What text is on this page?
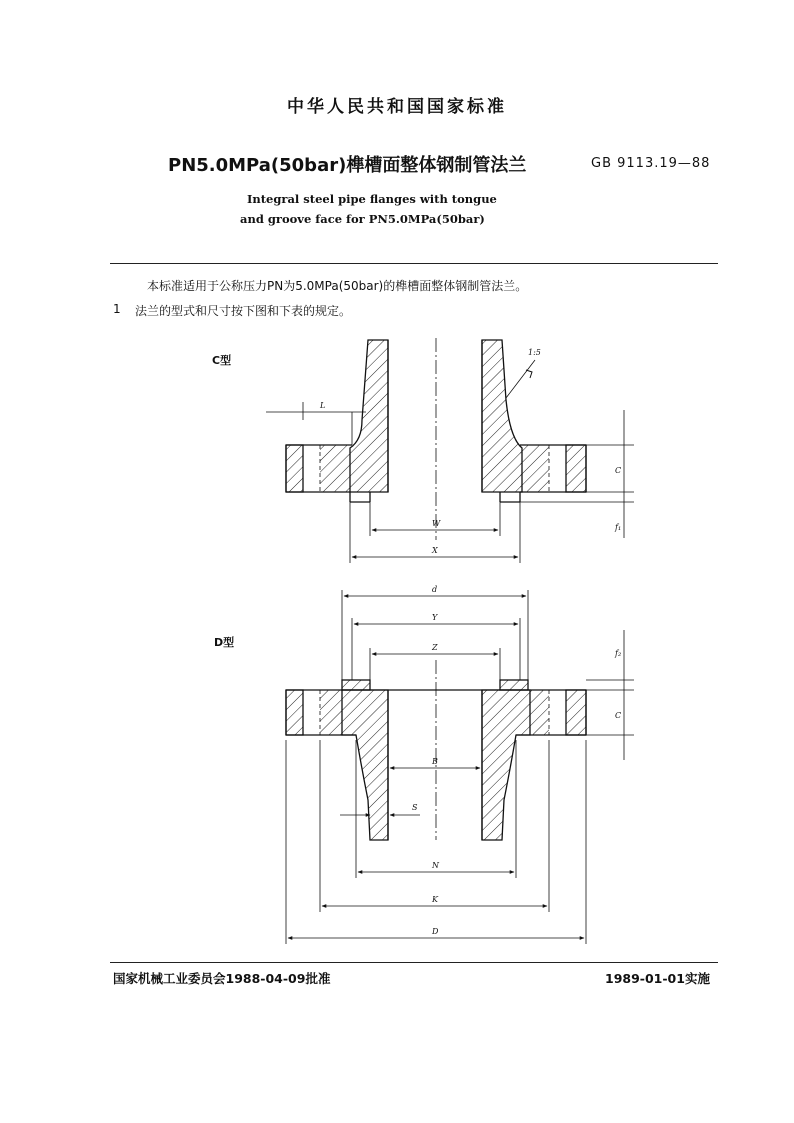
中华人民共和国国家标准
PN5.0MPa(50bar)榫槽面整体钢制管法兰	GB 9113.19—88
Integral steel pipe flanges with tongue
and groove face for PN5.0MPa(50bar)
本标准适用于公称压力PN为5.0MPa(50bar)的榫槽面整体钢制管法兰。
1 法兰的型式和尺寸按下图和下表的规定。
C型
D型
L
W
X
C
f₁
1:5
d
Y
Z
B
S
N
K
D
C
f₂
国家机械工业委员会1988-04-09批准	1989-01-01实施
